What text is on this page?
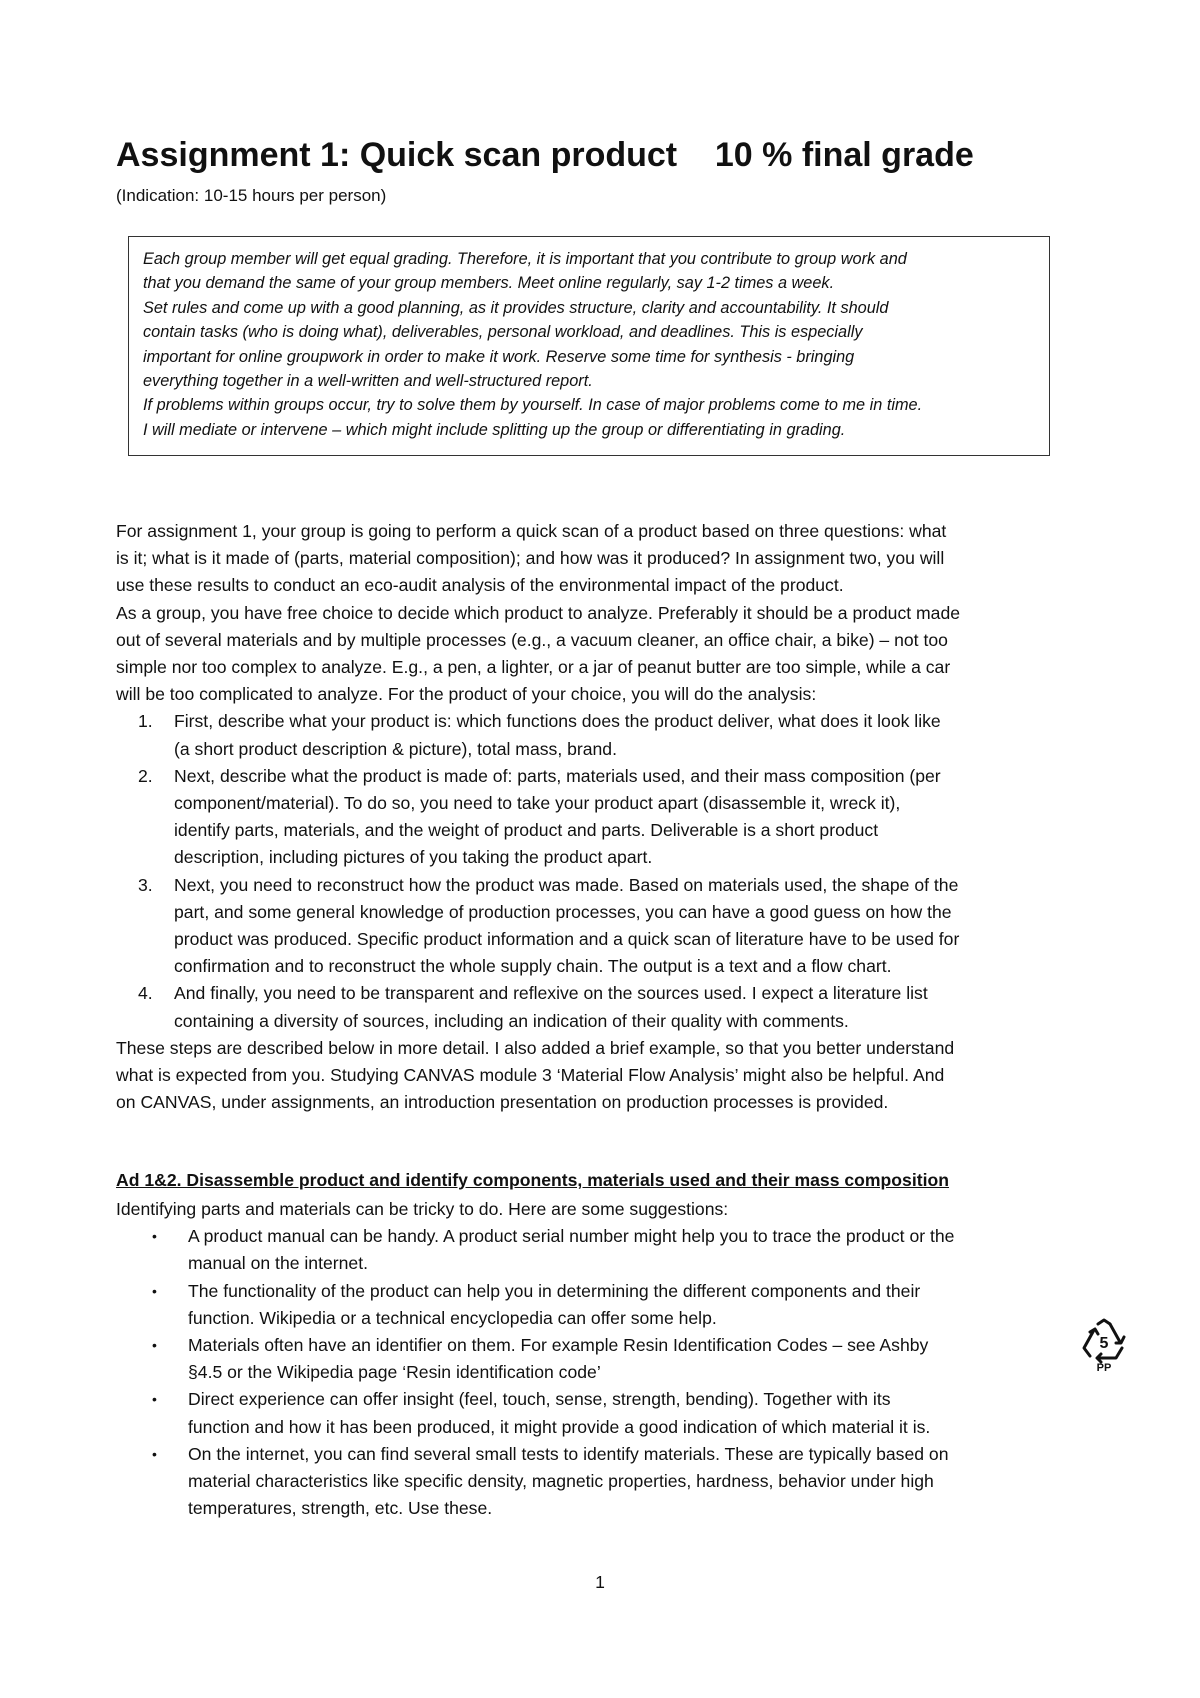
Assignment 1: Quick scan product    10 % final grade

(Indication: 10-15 hours per person)

Each group member will get equal grading. Therefore, it is important that you contribute to group work and

that you demand the same of your group members. Meet online regularly, say 1-2 times a week.

Set rules and come up with a good planning, as it provides structure, clarity and accountability. It should

contain tasks (who is doing what), deliverables, personal workload, and deadlines. This is especially

important for online groupwork in order to make it work. Reserve some time for synthesis - bringing

everything together in a well-written and well-structured report.

If problems within groups occur, try to solve them by yourself. In case of major problems come to me in time.

I will mediate or intervene – which might include splitting up the group or differentiating in grading.

For assignment 1, your group is going to perform a quick scan of a product based on three questions: what

is it; what is it made of (parts, material composition); and how was it produced? In assignment two, you will

use these results to conduct an eco-audit analysis of the environmental impact of the product.

As a group, you have free choice to decide which product to analyze. Preferably it should be a product made

out of several materials and by multiple processes (e.g., a vacuum cleaner, an office chair, a bike) – not too

simple nor too complex to analyze. E.g., a pen, a lighter, or a jar of peanut butter are too simple, while a car

will be too complicated to analyze. For the product of your choice, you will do the analysis:

1. First, describe what your product is: which functions does the product deliver, what does it look like

(a short product description & picture), total mass, brand.

2. Next, describe what the product is made of: parts, materials used, and their mass composition (per

component/material). To do so, you need to take your product apart (disassemble it, wreck it),

identify parts, materials, and the weight of product and parts. Deliverable is a short product

description, including pictures of you taking the product apart.

3. Next, you need to reconstruct how the product was made. Based on materials used, the shape of the

part, and some general knowledge of production processes, you can have a good guess on how the

product was produced. Specific product information and a quick scan of literature have to be used for

confirmation and to reconstruct the whole supply chain. The output is a text and a flow chart.

4. And finally, you need to be transparent and reflexive on the sources used. I expect a literature list

containing a diversity of sources, including an indication of their quality with comments.

These steps are described below in more detail. I also added a brief example, so that you better understand

what is expected from you. Studying CANVAS module 3 ‘Material Flow Analysis’ might also be helpful. And

on CANVAS, under assignments, an introduction presentation on production processes is provided.

Ad 1&2. Disassemble product and identify components, materials used and their mass composition

Identifying parts and materials can be tricky to do. Here are some suggestions:

• A product manual can be handy. A product serial number might help you to trace the product or the

manual on the internet.

• The functionality of the product can help you in determining the different components and their

function. Wikipedia or a technical encyclopedia can offer some help.

• Materials often have an identifier on them. For example Resin Identification Codes – see Ashby

§4.5 or the Wikipedia page ‘Resin identification code’

• Direct experience can offer insight (feel, touch, sense, strength, bending). Together with its

function and how it has been produced, it might provide a good indication of which material it is.

• On the internet, you can find several small tests to identify materials. These are typically based on

material characteristics like specific density, magnetic properties, hardness, behavior under high

temperatures, strength, etc. Use these.

5
PP

1
